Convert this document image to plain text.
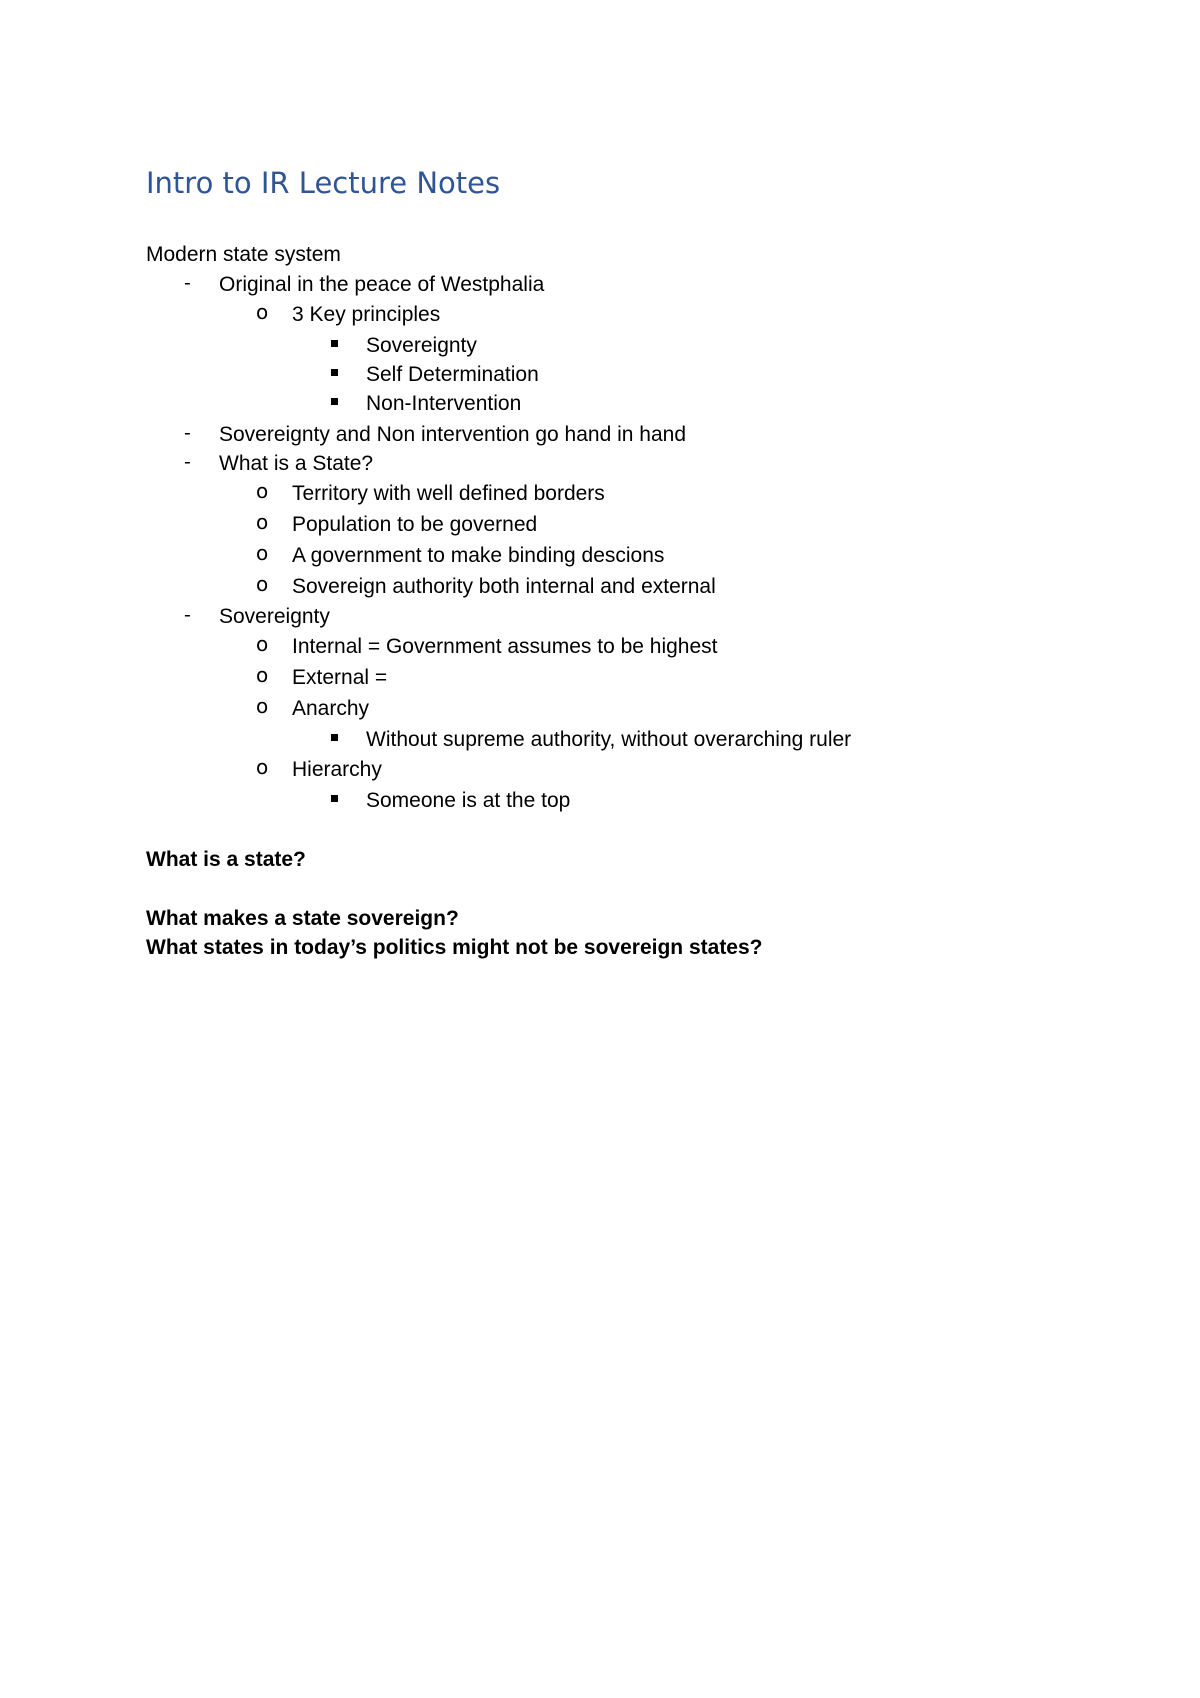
Intro to IR Lecture Notes
Modern state system
- Original in the peace of Westphalia
o 3 Key principles
Sovereignty
Self Determination
Non-Intervention
- Sovereignty and Non intervention go hand in hand
- What is a State?
o Territory with well defined borders
o Population to be governed
o A government to make binding descions
o Sovereign authority both internal and external
- Sovereignty
o Internal = Government assumes to be highest
o External =
o Anarchy
Without supreme authority, without overarching ruler
o Hierarchy
Someone is at the top
What is a state?
What makes a state sovereign?
What states in today’s politics might not be sovereign states?
